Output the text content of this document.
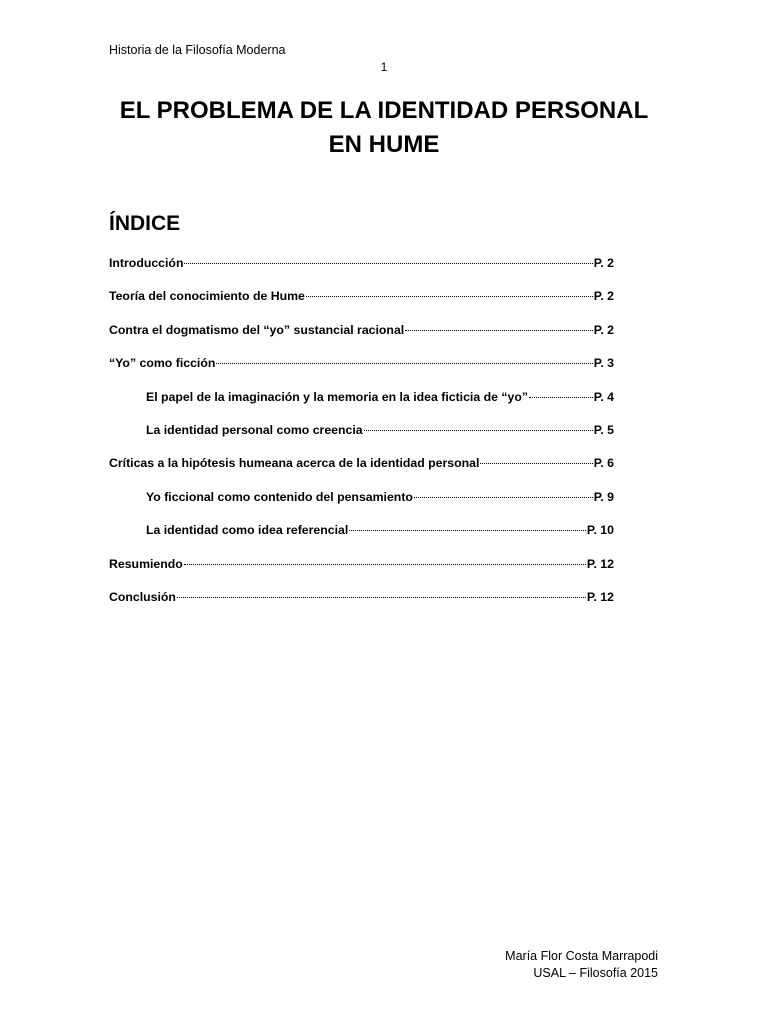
Historia de la Filosofía Moderna
1
EL PROBLEMA DE LA IDENTIDAD PERSONAL
EN HUME
ÍNDICE
Introducción	P. 2
Teoría del conocimiento de Hume	P. 2
Contra el dogmatismo del “yo” sustancial racional	P. 2
“Yo” como ficción	P. 3
El papel de la imaginación y la memoria en la idea ficticia de “yo”	P. 4
La identidad personal como creencia	P. 5
Críticas a la hipótesis humeana acerca de la identidad personal	P. 6
Yo ficcional como contenido del pensamiento	P. 9
La identidad como idea referencial	P. 10
Resumiendo	P. 12
Conclusión	P. 12
María Flor Costa Marrapodi
USAL – Filosofía 2015
